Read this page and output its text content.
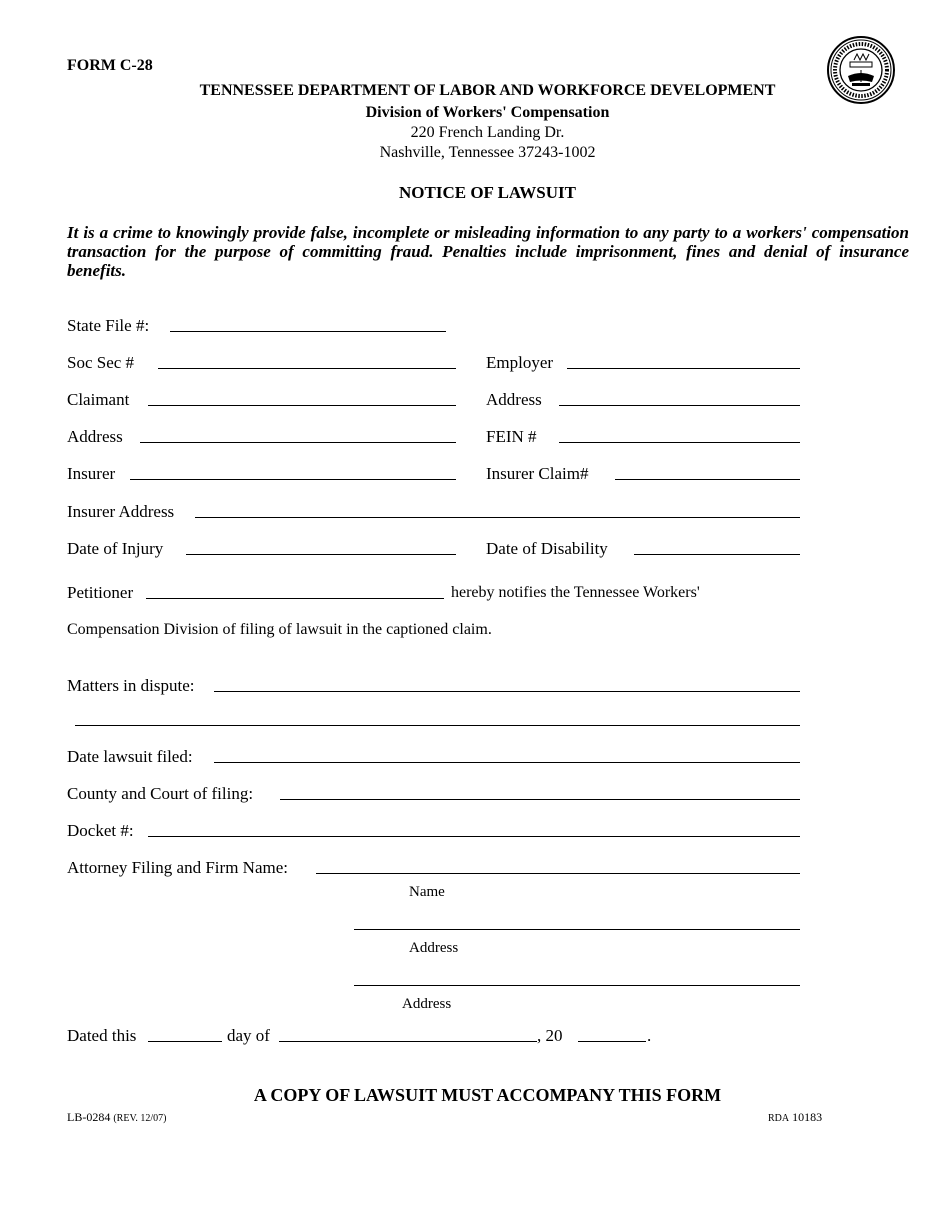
FORM C-28
TENNESSEE DEPARTMENT OF LABOR AND WORKFORCE DEVELOPMENT
Division of Workers' Compensation
220 French Landing Dr.
Nashville, Tennessee 37243-1002
NOTICE OF LAWSUIT
It is a crime to knowingly provide false, incomplete or misleading information to any party to a workers' compensation transaction for the purpose of committing fraud. Penalties include imprisonment, fines and denial of insurance benefits.
State File #:
Soc Sec #	Employer
Claimant	Address
Address	FEIN #
Insurer	Insurer Claim#
Insurer Address
Date of Injury	Date of Disability
Petitioner	hereby notifies the Tennessee Workers'
Compensation Division of filing of lawsuit in the captioned claim.
Matters in dispute:
Date lawsuit filed:
County and Court of filing:
Docket #:
Attorney Filing and Firm Name:
Name
Address
Address
Dated this	day of	, 20	.
A COPY OF LAWSUIT MUST ACCOMPANY THIS FORM
LB-0284 (REV. 12/07)	RDA 10183
